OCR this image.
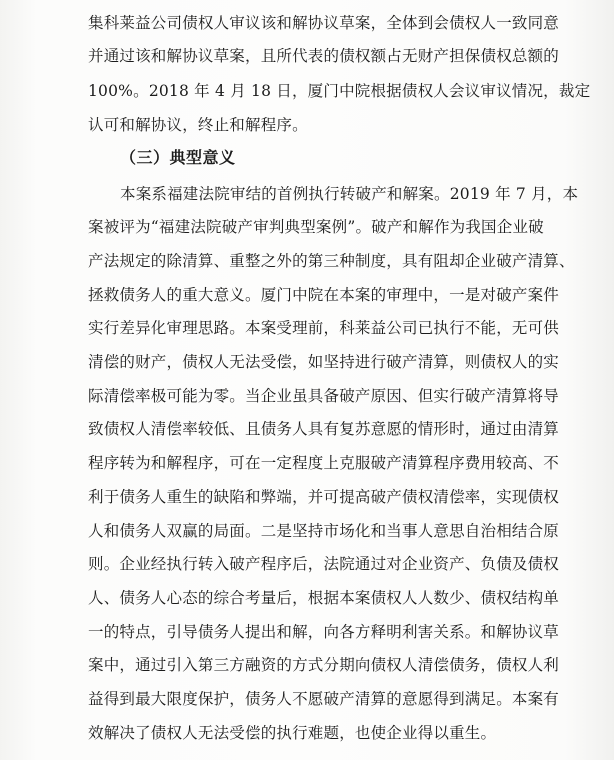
集科莱益公司债权人审议该和解协议草案，全体到会债权人一致同意
并通过该和解协议草案，且所代表的债权额占无财产担保债权总额的
100%。2018 年 4 月 18 日，厦门中院根据债权人会议审议情况，裁定
认可和解协议，终止和解程序。
（三）典型意义
本案系福建法院审结的首例执行转破产和解案。2019 年 7 月，本
案被评为“福建法院破产审判典型案例”。破产和解作为我国企业破
产法规定的除清算、重整之外的第三种制度，具有阻却企业破产清算、
拯救债务人的重大意义。厦门中院在本案的审理中，一是对破产案件
实行差异化审理思路。本案受理前，科莱益公司已执行不能，无可供
清偿的财产，债权人无法受偿，如坚持进行破产清算，则债权人的实
际清偿率极可能为零。当企业虽具备破产原因、但实行破产清算将导
致债权人清偿率较低、且债务人具有复苏意愿的情形时，通过由清算
程序转为和解程序，可在一定程度上克服破产清算程序费用较高、不
利于债务人重生的缺陷和弊端，并可提高破产债权清偿率，实现债权
人和债务人双赢的局面。二是坚持市场化和当事人意思自治相结合原
则。企业经执行转入破产程序后，法院通过对企业资产、负债及债权
人、债务人心态的综合考量后，根据本案债权人人数少、债权结构单
一的特点，引导债务人提出和解，向各方释明利害关系。和解协议草
案中，通过引入第三方融资的方式分期向债权人清偿债务，债权人利
益得到最大限度保护，债务人不愿破产清算的意愿得到满足。本案有
效解决了债权人无法受偿的执行难题，也使企业得以重生。
